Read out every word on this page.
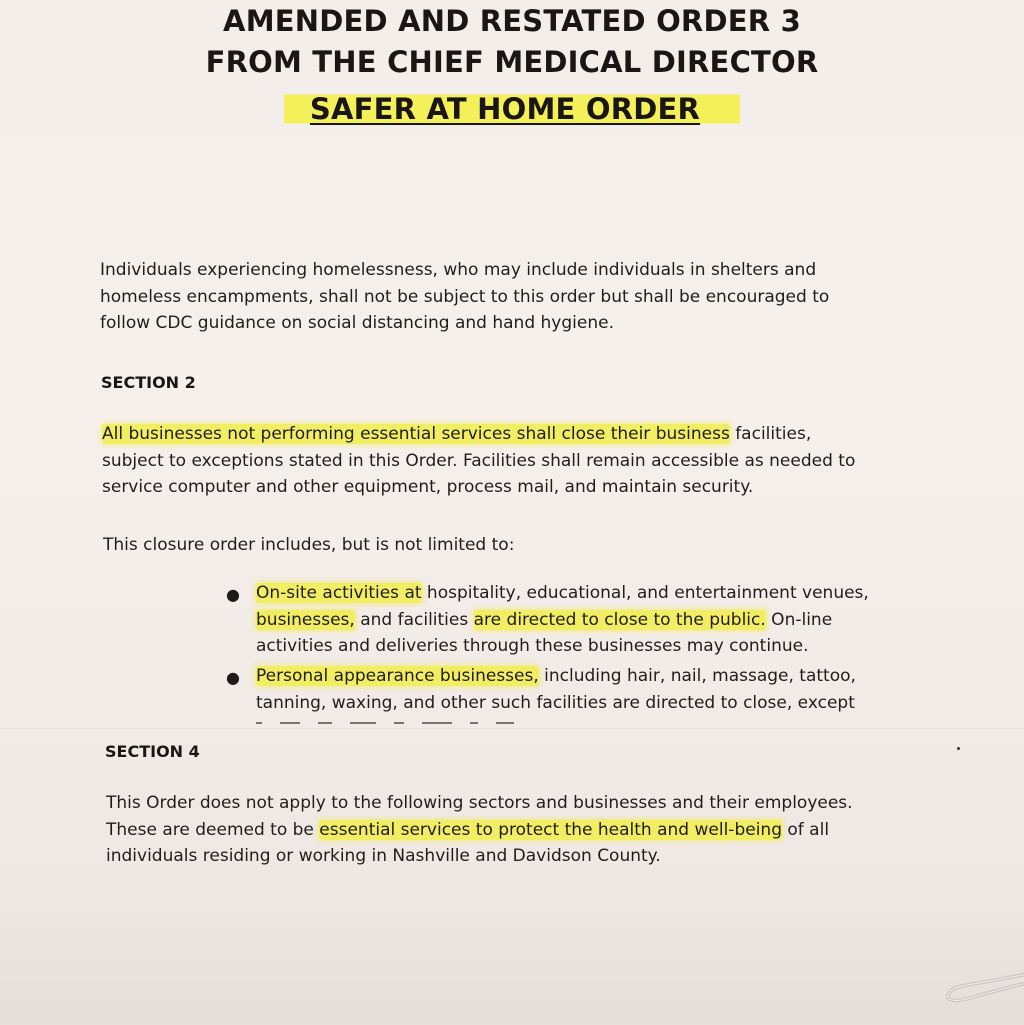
AMENDED AND RESTATED ORDER 3
FROM THE CHIEF MEDICAL DIRECTOR
SAFER AT HOME ORDER
Individuals experiencing homelessness, who may include individuals in shelters and
homeless encampments, shall not be subject to this order but shall be encouraged to
follow CDC guidance on social distancing and hand hygiene.
SECTION 2
All businesses not performing essential services shall close their business facilities,
subject to exceptions stated in this Order. Facilities shall remain accessible as needed to
service computer and other equipment, process mail, and maintain security.
This closure order includes, but is not limited to:
● On-site activities at hospitality, educational, and entertainment venues,
businesses, and facilities are directed to close to the public. On-line
activities and deliveries through these businesses may continue.
● Personal appearance businesses, including hair, nail, massage, tattoo,
tanning, waxing, and other such facilities are directed to close, except
SECTION 4
This Order does not apply to the following sectors and businesses and their employees.
These are deemed to be essential services to protect the health and well-being of all
individuals residing or working in Nashville and Davidson County.
